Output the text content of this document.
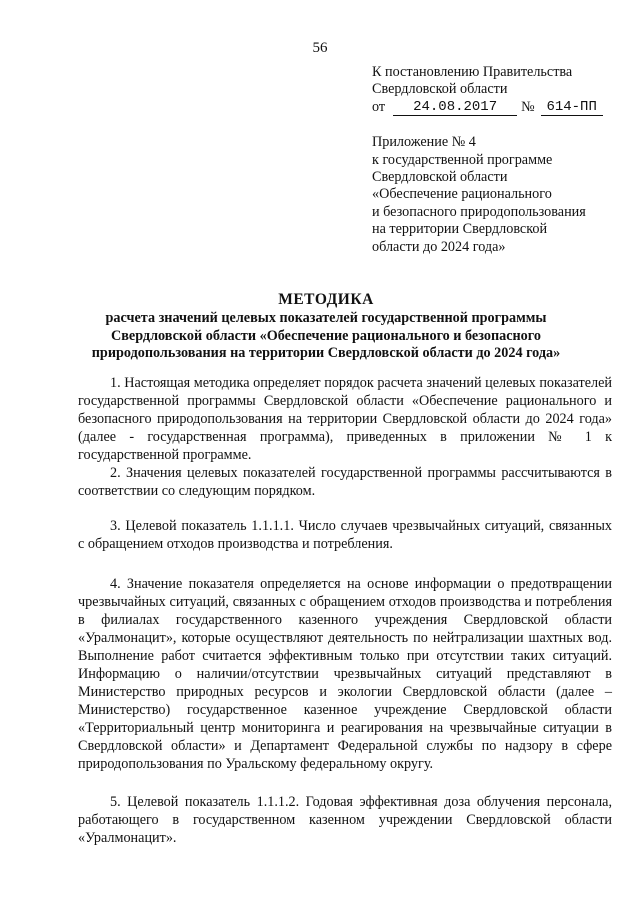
56
К постановлению Правительства
Свердловской области
от	24.08.2017	№ 614-ПП
Приложение № 4
к государственной программе
Свердловской области
«Обеспечение рационального
и безопасного природопользования
на территории Свердловской
области до 2024 года»
МЕТОДИКА
расчета значений целевых показателей государственной программы
Свердловской области «Обеспечение рационального и безопасного
природопользования на территории Свердловской области до 2024 года»

1. Настоящая методика определяет порядок расчета значений целевых показателей государственной программы Свердловской области «Обеспечение рационального и безопасного природопользования на территории Свердловской области до 2024 года» (далее - государственная программа), приведенных в приложении № 1 к государственной программе.

2. Значения целевых показателей государственной программы рассчитываются в соответствии со следующим порядком.

3. Целевой показатель 1.1.1.1. Число случаев чрезвычайных ситуаций, связанных с обращением отходов производства и потребления.

4. Значение показателя определяется на основе информации о предотвращении чрезвычайных ситуаций, связанных с обращением отходов производства и потребления в филиалах государственного казенного учреждения Свердловской области «Уралмонацит», которые осуществляют деятельность по нейтрализации шахтных вод. Выполнение работ считается эффективным только при отсутствии таких ситуаций. Информацию о наличии/отсутствии чрезвычайных ситуаций представляют в Министерство природных ресурсов и экологии Свердловской области (далее – Министерство) государственное казенное учреждение Свердловской области «Территориальный центр мониторинга и реагирования на чрезвычайные ситуации в Свердловской области» и Департамент Федеральной службы по надзору в сфере природопользования по Уральскому федеральному округу.

5. Целевой показатель 1.1.1.2. Годовая эффективная доза облучения персонала, работающего в государственном казенном учреждении Свердловской области «Уралмонацит».
